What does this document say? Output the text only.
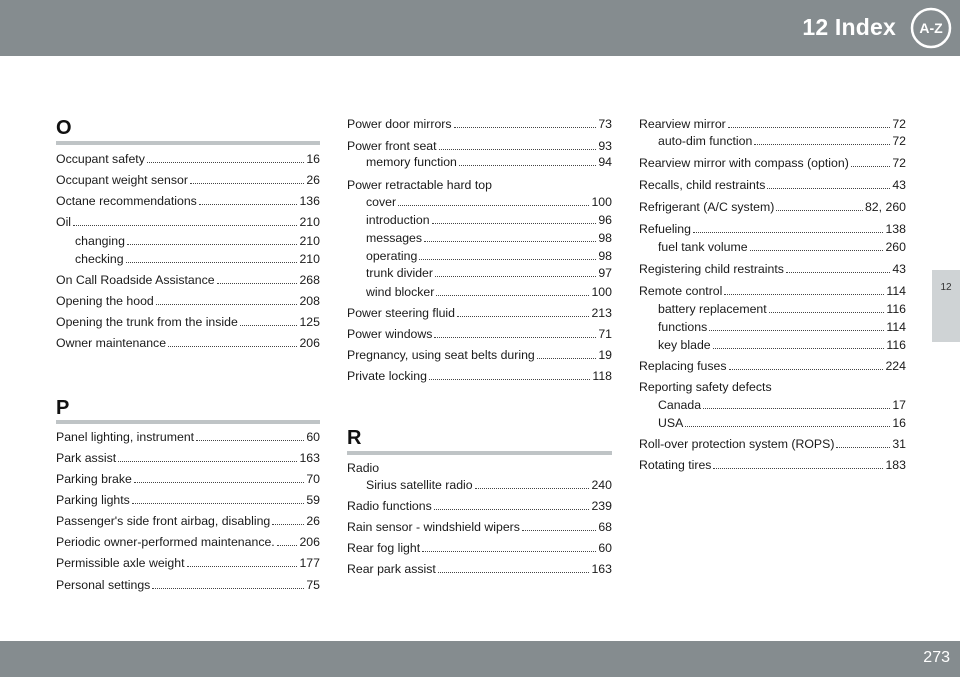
12 Index A-Z
12
O
P
R
273
Occupant safety	16
Occupant weight sensor	26
Octane recommendations	136
Oil	210
changing	210
checking	210
On Call Roadside Assistance	268
Opening the hood	208
Opening the trunk from the inside	125
Owner maintenance	206
Panel lighting, instrument	60
Park assist	163
Parking brake	70
Parking lights	59
Passenger's side front airbag, disabling	26
Periodic owner-performed maintenance. 206
Permissible axle weight	177
Personal settings	75
Power door mirrors	73
Power front seat	93
memory function	94
Power retractable hard top
cover	100
introduction	96
messages	98
operating	98
trunk divider	97
wind blocker	100
Power steering fluid	213
Power windows	71
Pregnancy, using seat belts during	19
Private locking	118
Radio
Sirius satellite radio	240
Radio functions	239
Rain sensor - windshield wipers	68
Rear fog light	60
Rear park assist	163
Rearview mirror	72
auto-dim function	72
Rearview mirror with compass (option)	72
Recalls, child restraints	43
Refrigerant (A/C system)	82, 260
Refueling	138
fuel tank volume	260
Registering child restraints	43
Remote control	114
battery replacement	116
functions	114
key blade	116
Replacing fuses	224
Reporting safety defects
Canada	17
USA	16
Roll-over protection system (ROPS)	31
Rotating tires	183
